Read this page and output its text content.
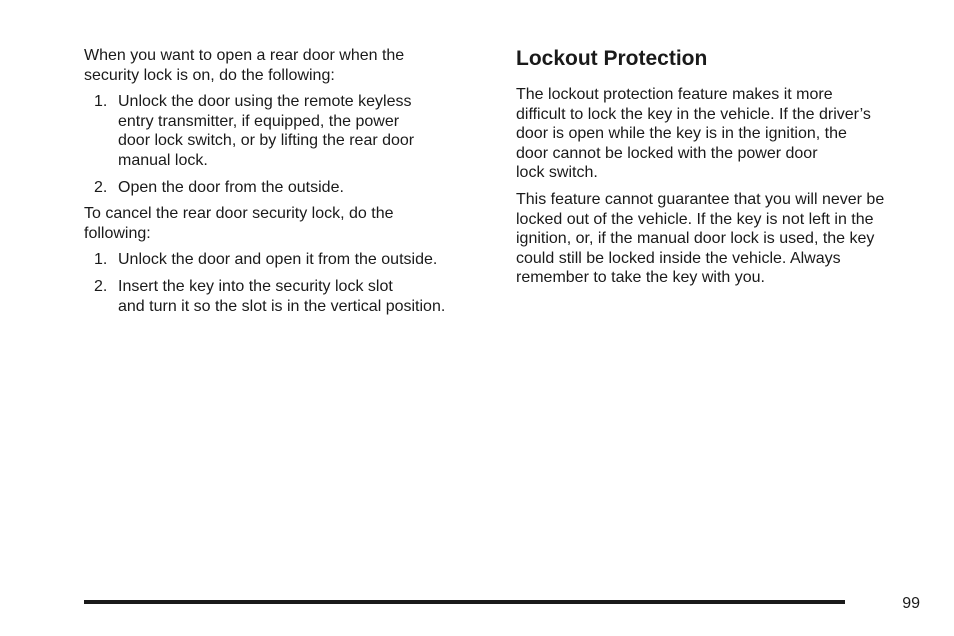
When you want to open a rear door when the
security lock is on, do the following:

1. Unlock the door using the remote keyless
entry transmitter, if equipped, the power
door lock switch, or by lifting the rear door
manual lock.
2. Open the door from the outside.

To cancel the rear door security lock, do the
following:

1. Unlock the door and open it from the outside.
2. Insert the key into the security lock slot
and turn it so the slot is in the vertical position.
Lockout Protection

The lockout protection feature makes it more
difficult to lock the key in the vehicle. If the driver’s
door is open while the key is in the ignition, the
door cannot be locked with the power door
lock switch.

This feature cannot guarantee that you will never be
locked out of the vehicle. If the key is not left in the
ignition, or, if the manual door lock is used, the key
could still be locked inside the vehicle. Always
remember to take the key with you.

99
